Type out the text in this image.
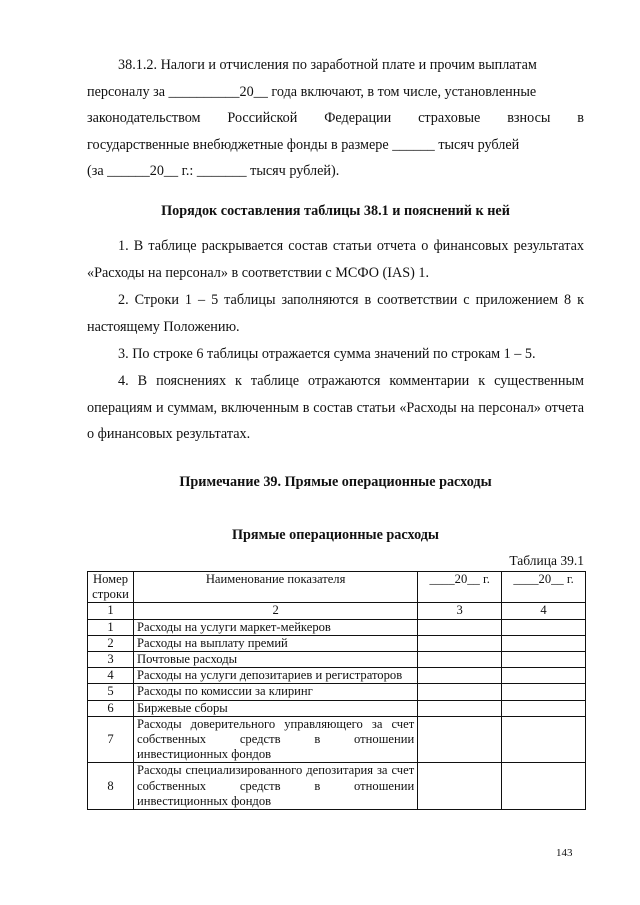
38.1.2. Налоги и отчисления по заработной плате и прочим выплатам
персоналу за __________20__ года включают, в том числе, установленные
законодательством Российской Федерации страховые взносы в
государственные внебюджетные фонды в размере ______ тысяч рублей
(за ______20__ г.: _______ тысяч рублей).

Порядок составления таблицы 38.1 и пояснений к ней

1. В таблице раскрывается состав статьи отчета о финансовых результатах «Расходы на персонал» в соответствии с МСФО (IAS) 1.

2. Строки 1 – 5 таблицы заполняются в соответствии с приложением 8 к настоящему Положению.

3. По строке 6 таблицы отражается сумма значений по строкам 1 – 5.

4. В пояснениях к таблице отражаются комментарии к существенным операциям и суммам, включенным в состав статьи «Расходы на персонал» отчета о финансовых результатах.

Примечание 39. Прямые операционные расходы

Прямые операционные расходы

Таблица 39.1

Номер строки	Наименование показателя	____20__ г.	____20__ г.
1	2	3	4
1	Расходы на услуги маркет-мейкеров		
2	Расходы на выплату премий		
3	Почтовые расходы		
4	Расходы на услуги депозитариев и регистраторов		
5	Расходы по комиссии за клиринг		
6	Биржевые сборы		
7	Расходы доверительного управляющего за счет собственных средств в отношении инвестиционных фондов		
8	Расходы специализированного депозитария за счет собственных средств в отношении инвестиционных фондов		

143
